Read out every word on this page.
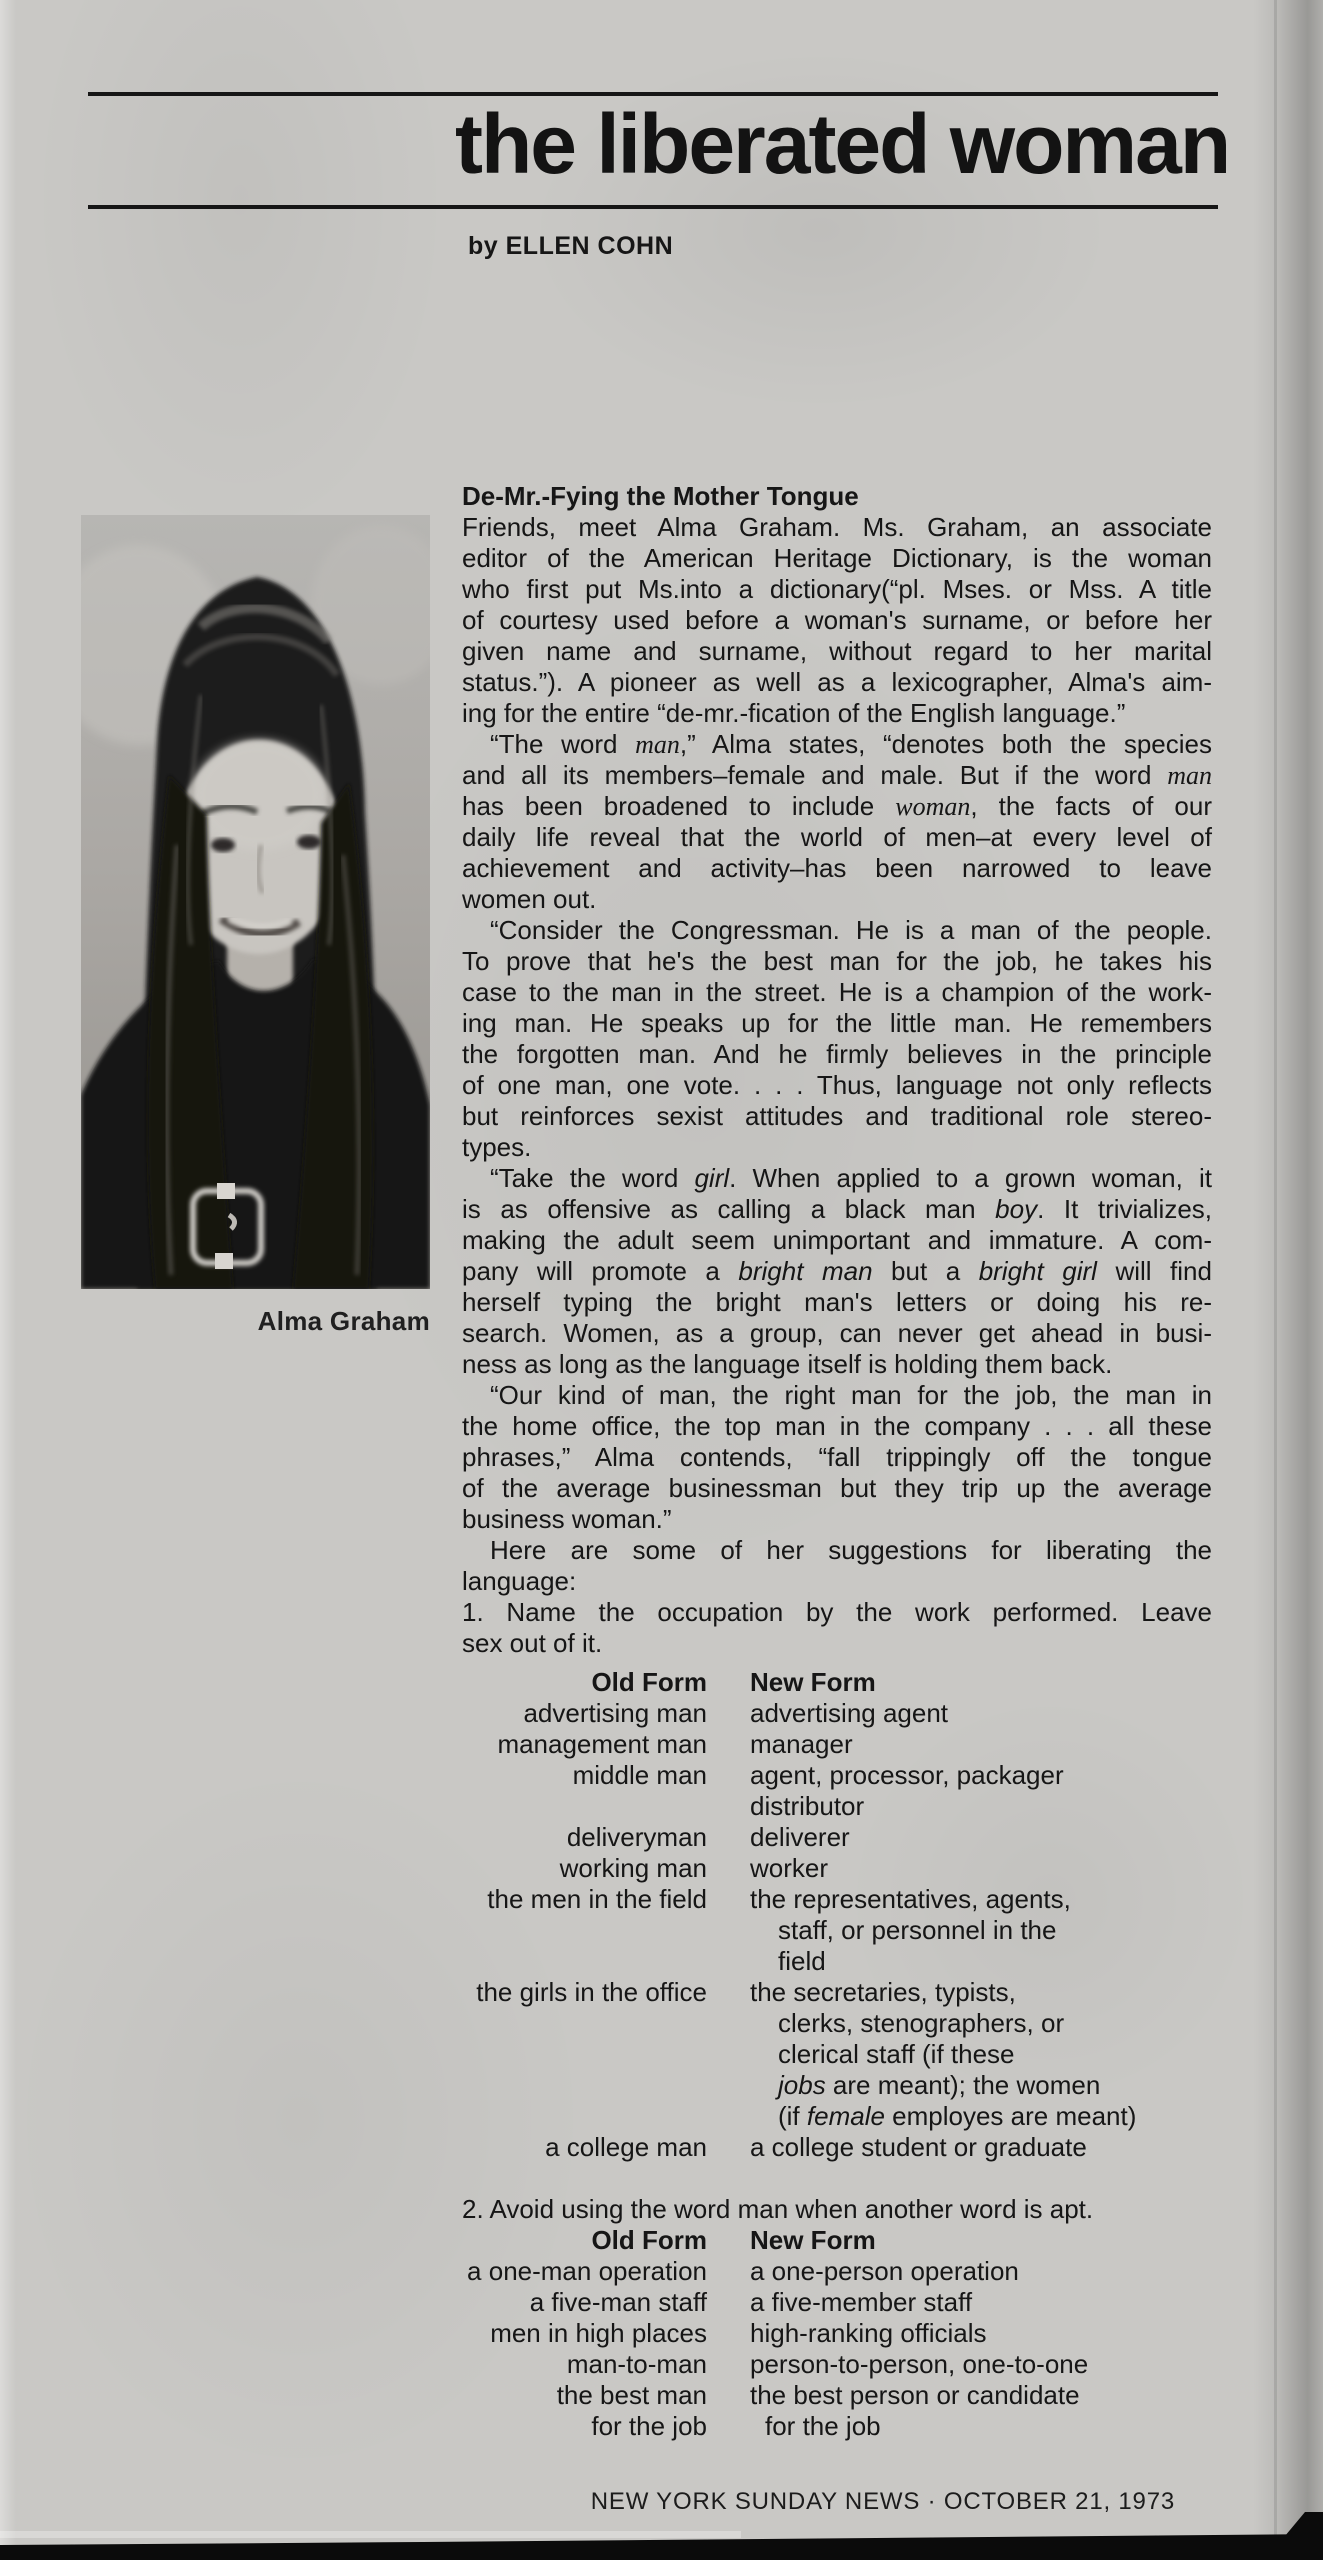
the liberated woman
by ELLEN COHN
Alma Graham
De-Mr.-Fying the Mother Tongue
Friends, meet Alma Graham. Ms. Graham, an associate
editor of the American Heritage Dictionary, is the woman
who first put Ms.into a dictionary(“pl. Mses. or Mss. A title
of courtesy used before a woman's surname, or before her
given name and surname, without regard to her marital
status.”). A pioneer as well as a lexicographer, Alma's aim-
ing for the entire “de-mr.-fication of the English language.”
“The word man,” Alma states, “denotes both the species
and all its members–female and male. But if the word man
has been broadened to include woman, the facts of our
daily life reveal that the world of men–at every level of
achievement and activity–has been narrowed to leave
women out.
“Consider the Congressman. He is a man of the people.
To prove that he's the best man for the job, he takes his
case to the man in the street. He is a champion of the work-
ing man. He speaks up for the little man. He remembers
the forgotten man. And he firmly believes in the principle
of one man, one vote. . . . Thus, language not only reflects
but reinforces sexist attitudes and traditional role stereo-
types.
“Take the word girl. When applied to a grown woman, it
is as offensive as calling a black man boy. It trivializes,
making the adult seem unimportant and immature. A com-
pany will promote a bright man but a bright girl will find
herself typing the bright man's letters or doing his re-
search. Women, as a group, can never get ahead in busi-
ness as long as the language itself is holding them back.
“Our kind of man, the right man for the job, the man in
the home office, the top man in the company . . . all these
phrases,” Alma contends, “fall trippingly off the tongue
of the average businessman but they trip up the average
business woman.”
Here are some of her suggestions for liberating the
language:
1. Name the occupation by the work performed. Leave
sex out of it.
Old Form New Form
advertising man advertising agent
management man manager
middle man agent, processor, packager
distributor
deliveryman deliverer
working man worker
the men in the field the representatives, agents,
staff, or personnel in the
field
the girls in the office the secretaries, typists,
clerks, stenographers, or
clerical staff (if these
jobs are meant); the women
(if female employes are meant)
a college man a college student or graduate
2. Avoid using the word man when another word is apt.
Old Form New Form
a one-man operation a one-person operation
a five-man staff a five-member staff
men in high places high-ranking officials
man-to-man person-to-person, one-to-one
the best man the best person or candidate
for the job	for the job
NEW YORK SUNDAY NEWS · OCTOBER 21, 1973
